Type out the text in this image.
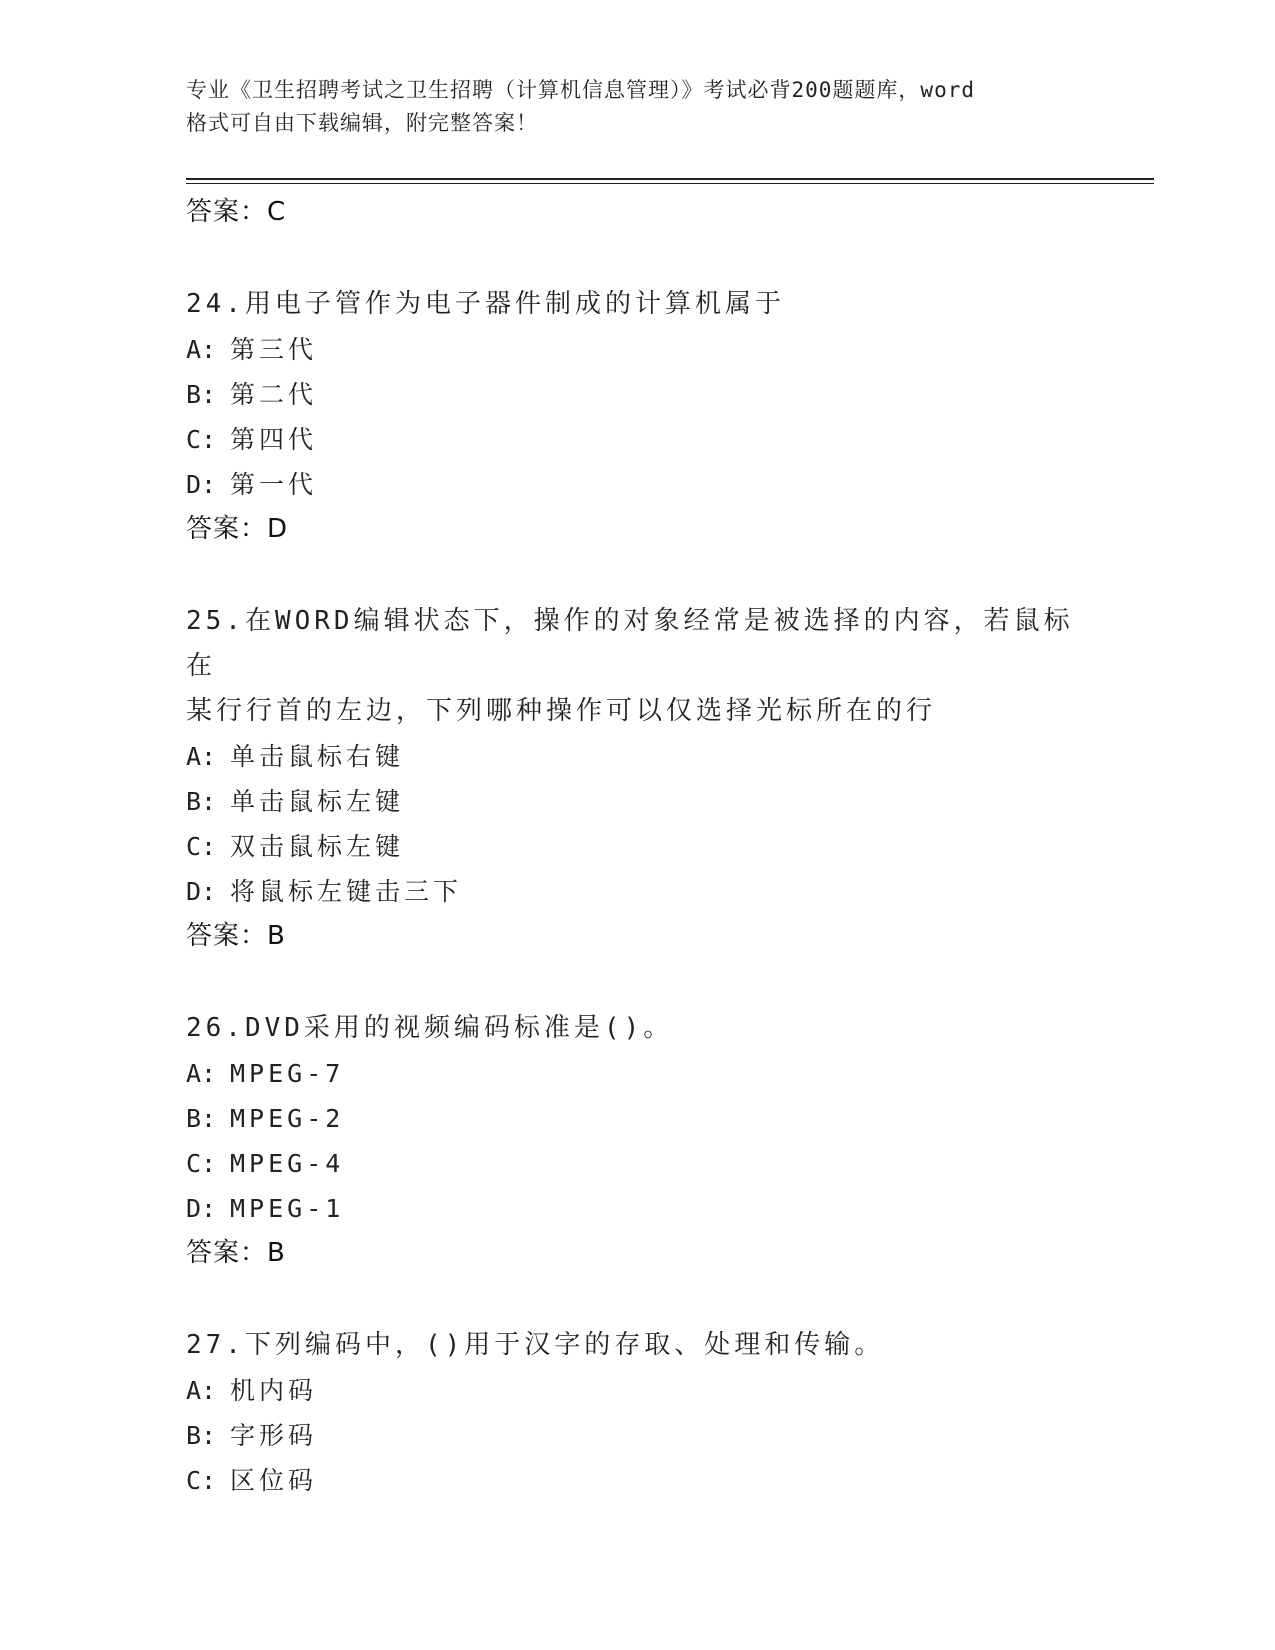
专业《卫生招聘考试之卫生招聘（计算机信息管理）》考试必背200题题库，word
格式可自由下载编辑，附完整答案！
答案：C
24.用电子管作为电子器件制成的计算机属于
A: 第三代
B: 第二代
C: 第四代
D: 第一代
答案：D
25.在WORD编辑状态下，操作的对象经常是被选择的内容，若鼠标在
某行行首的左边，下列哪种操作可以仅选择光标所在的行
A: 单击鼠标右键
B: 单击鼠标左键
C: 双击鼠标左键
D: 将鼠标左键击三下
答案：B
26.DVD采用的视频编码标准是()。
A: MPEG-7
B: MPEG-2
C: MPEG-4
D: MPEG-1
答案：B
27.下列编码中，()用于汉字的存取、处理和传输。
A: 机内码
B: 字形码
C: 区位码
